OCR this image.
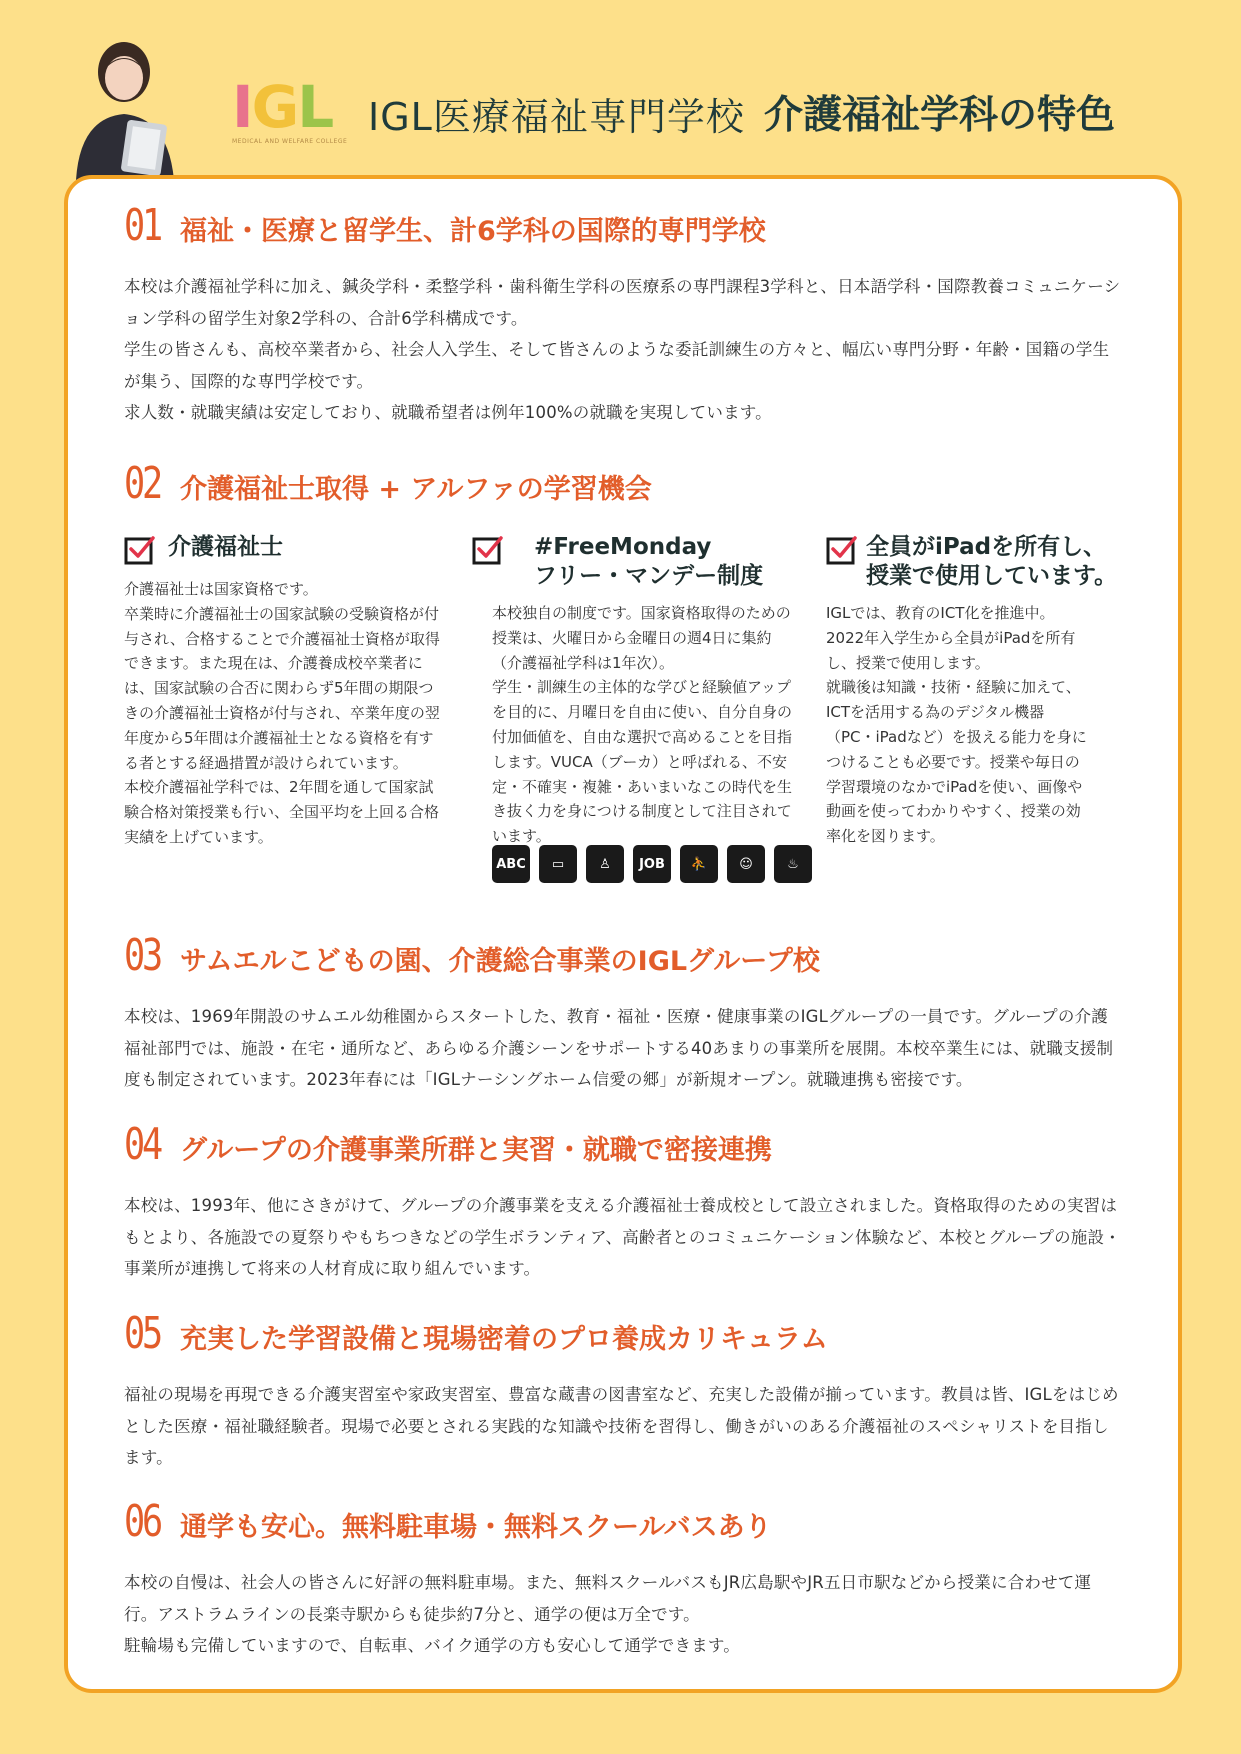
IGL
MEDICAL AND WELFARE COLLEGE
IGL医療福祉専門学校 介護福祉学科の特色
01 福祉・医療と留学生、計6学科の国際的専門学校

本校は介護福祉学科に加え、鍼灸学科・柔整学科・歯科衛生学科の医療系の専門課程3学科と、日本語学科・国際教養コミュニケーション学科の留学生対象2学科の、合計6学科構成です。

学生の皆さんも、高校卒業者から、社会人入学生、そして皆さんのような委託訓練生の方々と、幅広い専門分野・年齢・国籍の学生が集う、国際的な専門学校です。

求人数・就職実績は安定しており、就職希望者は例年100%の就職を実現しています。

02 介護福祉士取得 + アルファの学習機会
介護福祉士

介護福祉士は国家資格です。

卒業時に介護福祉士の国家試験の受験資格が付与され、合格することで介護福祉士資格が取得できます。また現在は、介護養成校卒業者には、国家試験の合否に関わらず5年間の期限つきの介護福祉士資格が付与され、卒業年度の翌年度から5年間は介護福祉士となる資格を有する者とする経過措置が設けられています。

本校介護福祉学科では、2年間を通して国家試験合格対策授業も行い、全国平均を上回る合格実績を上げています。

#FreeMonday
フリー・マンデー制度

本校独自の制度です。国家資格取得のための授業は、火曜日から金曜日の週4日に集約（介護福祉学科は1年次）。

学生・訓練生の主体的な学びと経験値アップを目的に、月曜日を自由に使い、自分自身の付加価値を、自由な選択で高めることを目指します。VUCA（ブーカ）と呼ばれる、不安定・不確実・複雑・あいまいなこの時代を生き抜く力を身につける制度として注目されています。

ABC	▭	♙	JOB	⛹	☺	♨
全員がiPadを所有し、
授業で使用しています。

IGLでは、教育のICT化を推進中。2022年入学生から全員がiPadを所有し、授業で使用します。

就職後は知識・技術・経験に加えて、ICTを活用する為のデジタル機器（PC・iPadなど）を扱える能力を身につけることも必要です。授業や毎日の学習環境のなかでiPadを使い、画像や動画を使ってわかりやすく、授業の効率化を図ります。

03 サムエルこどもの園、介護総合事業のIGLグループ校

本校は、1969年開設のサムエル幼稚園からスタートした、教育・福祉・医療・健康事業のIGLグループの一員です。グループの介護福祉部門では、施設・在宅・通所など、あらゆる介護シーンをサポートする40あまりの事業所を展開。本校卒業生には、就職支援制度も制定されています。2023年春には「IGLナーシングホーム信愛の郷」が新規オープン。就職連携も密接です。

04 グループの介護事業所群と実習・就職で密接連携

本校は、1993年、他にさきがけて、グループの介護事業を支える介護福祉士養成校として設立されました。資格取得のための実習はもとより、各施設での夏祭りやもちつきなどの学生ボランティア、高齢者とのコミュニケーション体験など、本校とグループの施設・事業所が連携して将来の人材育成に取り組んでいます。

05 充実した学習設備と現場密着のプロ養成カリキュラム

福祉の現場を再現できる介護実習室や家政実習室、豊富な蔵書の図書室など、充実した設備が揃っています。教員は皆、IGLをはじめとした医療・福祉職経験者。現場で必要とされる実践的な知識や技術を習得し、働きがいのある介護福祉のスペシャリストを目指します。

06 通学も安心。無料駐車場・無料スクールバスあり

本校の自慢は、社会人の皆さんに好評の無料駐車場。また、無料スクールバスもJR広島駅やJR五日市駅などから授業に合わせて運行。アストラムラインの長楽寺駅からも徒歩約7分と、通学の便は万全です。

駐輪場も完備していますので、自転車、バイク通学の方も安心して通学できます。
